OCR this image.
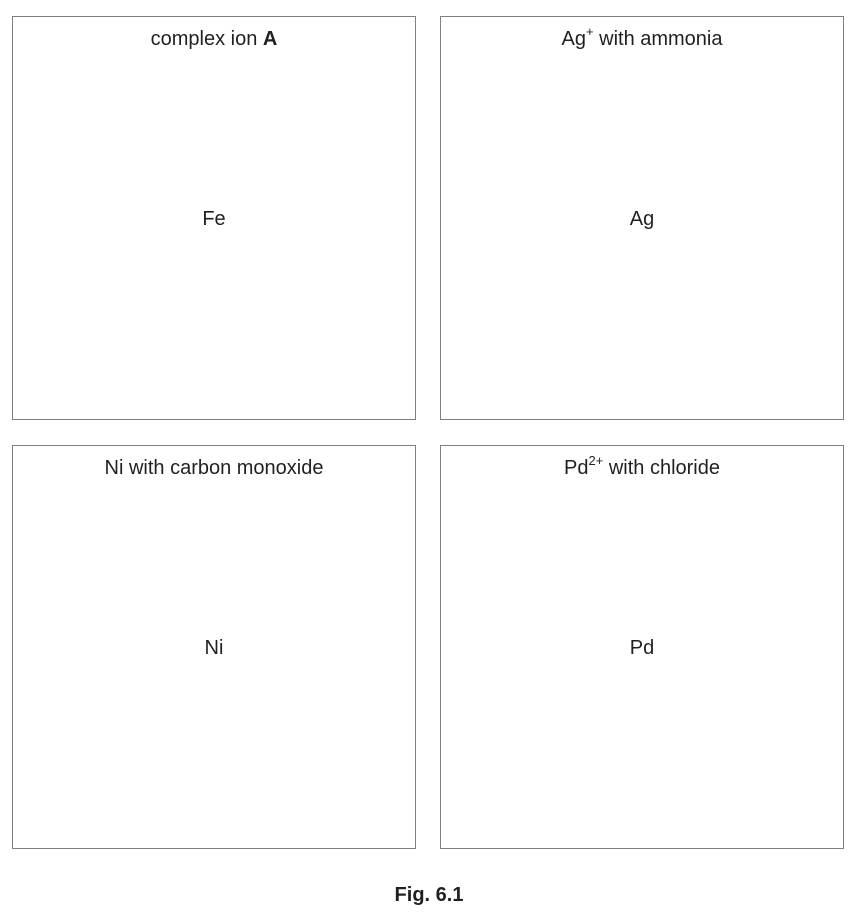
complex ion A
Fe
Ag+ with ammonia
Ag
Ni with carbon monoxide
Ni
$Pd^{2+}$ with chloride
Pd
Fig. 6.1
